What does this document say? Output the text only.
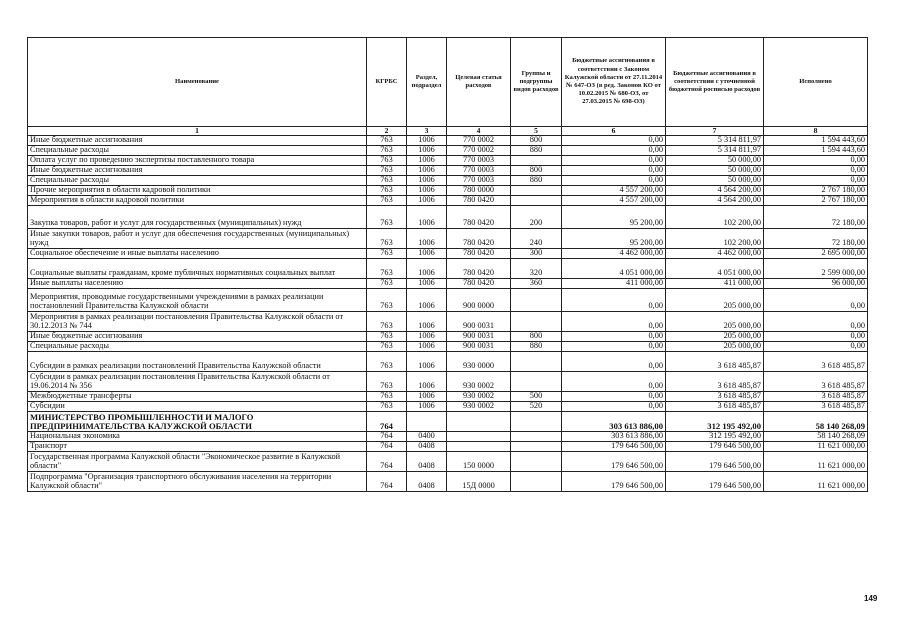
Наименование	КГРБС	Раздел, подраздел	Целевая статья расходов	Группы и подгруппы видов расходов	Бюджетные ассигнования в соответствии с Законом Калужской области от 27.11.2014 № 647-ОЗ (в ред. Законов КО от 10.02.2015 № 680-ОЗ, от 27.03.2015 № 698-ОЗ)	Бюджетные ассигнования в соответствии с уточненной бюджетной росписью расходов	Исполнено
1	2	3	4	5	6	7	8
Иные бюджетные ассигнования	763	1006	770 0002	800	0,00	5 314 811,97	1 594 443,60
Специальные расходы	763	1006	770 0002	880	0,00	5 314 811,97	1 594 443,60
Оплата услуг по проведению экспертизы поставленного товара	763	1006	770 0003		0,00	50 000,00	0,00
Иные бюджетные ассигнования	763	1006	770 0003	800	0,00	50 000,00	0,00
Специальные расходы	763	1006	770 0003	880	0,00	50 000,00	0,00
Прочие мероприятия в области кадровой политики	763	1006	780 0000		4 557 200,00	4 564 200,00	2 767 180,00
Мероприятия в области кадровой политики	763	1006	780 0420		4 557 200,00	4 564 200,00	2 767 180,00
Закупка товаров, работ и услуг для государственных (муниципальных) нужд	763	1006	780 0420	200	95 200,00	102 200,00	72 180,00
Иные закупки товаров, работ и услуг для обеспечения государственных (муниципальных) нужд	763	1006	780 0420	240	95 200,00	102 200,00	72 180,00
Социальное обеспечение и иные выплаты населению	763	1006	780 0420	300	4 462 000,00	4 462 000,00	2 695 000,00
Социальные выплаты гражданам, кроме публичных нормативных социальных выплат	763	1006	780 0420	320	4 051 000,00	4 051 000,00	2 599 000,00
Иные выплаты населению	763	1006	780 0420	360	411 000,00	411 000,00	96 000,00
Мероприятия, проводимые государственными учреждениями в рамках реализации постановлений Правительства Калужской области	763	1006	900 0000		0,00	205 000,00	0,00
Мероприятия в рамках реализации постановления Правительства Калужской области от 30.12.2013 № 744	763	1006	900 0031		0,00	205 000,00	0,00
Иные бюджетные ассигнования	763	1006	900 0031	800	0,00	205 000,00	0,00
Специальные расходы	763	1006	900 0031	880	0,00	205 000,00	0,00
Субсидии в рамках реализации постановлений Правительства Калужской области	763	1006	930 0000		0,00	3 618 485,87	3 618 485,87
Субсидии в рамках реализации постановления Правительства Калужской области от 19.06.2014 № 356	763	1006	930 0002		0,00	3 618 485,87	3 618 485,87
Межбюджетные трансферты	763	1006	930 0002	500	0,00	3 618 485,87	3 618 485,87
Субсидии	763	1006	930 0002	520	0,00	3 618 485,87	3 618 485,87
МИНИСТЕРСТВО ПРОМЫШЛЕННОСТИ И МАЛОГО ПРЕДПРИНИМАТЕЛЬСТВА КАЛУЖСКОЙ ОБЛАСТИ	764				303 613 886,00	312 195 492,00	58 140 268,09
Национальная экономика	764	0400			303 613 886,00	312 195 492,00	58 140 268,09
Транспорт	764	0408			179 646 500,00	179 646 500,00	11 621 000,00
Государственная программа Калужской области "Экономическое развитие в Калужской области"	764	0408	150 0000		179 646 500,00	179 646 500,00	11 621 000,00
Подпрограмма "Организация транспортного обслуживания населения на территории Калужской области"	764	0408	15Д 0000		179 646 500,00	179 646 500,00	11 621 000,00
149
